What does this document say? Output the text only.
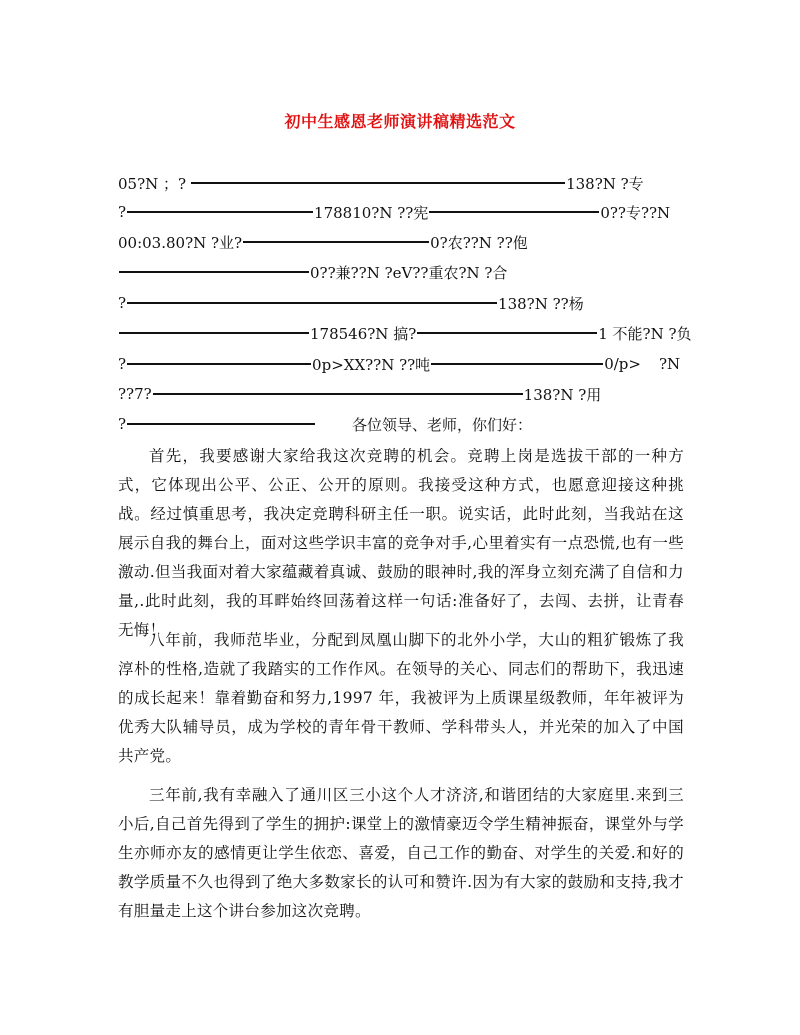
初中生感恩老师演讲稿精选范文
05?N ；?	138?N ?专
?	178810?N ??宪	0??专??N
00:03.80?N ?业?	0?农??N ??佨
0??兼??N ?eV??重农?N ?合
?	138?N ??杨
178546?N 搞?	1 不能?N ?负
?	0p>XX??N ??吨	0/p> ?N
??7?	138?N ?用
?	各位领导、老师，你们好：
首先，我要感谢大家给我这次竞聘的机会。竞聘上岗是选拔干部的一种方式，它体现出公平、公正、公开的原则。我接受这种方式，也愿意迎接这种挑战。经过慎重思考，我决定竞聘科研主任一职。说实话，此时此刻，当我站在这展示自我的舞台上，面对这些学识丰富的竞争对手,心里着实有一点恐慌,也有一些激动.但当我面对着大家蕴藏着真诚、鼓励的眼神时,我的浑身立刻充满了自信和力量,.此时此刻，我的耳畔始终回荡着这样一句话:准备好了，去闯、去拼，让青春无悔！
八年前，我师范毕业，分配到凤凰山脚下的北外小学，大山的粗犷锻炼了我淳朴的性格,造就了我踏实的工作作风。在领导的关心、同志们的帮助下，我迅速的成长起来！靠着勤奋和努力,1997 年，我被评为上质课星级教师，年年被评为优秀大队辅导员，成为学校的青年骨干教师、学科带头人，并光荣的加入了中国共产党。
三年前,我有幸融入了通川区三小这个人才济济,和谐团结的大家庭里.来到三小后,自己首先得到了学生的拥护:课堂上的激情豪迈令学生精神振奋，课堂外与学生亦师亦友的感情更让学生依恋、喜爱，自己工作的勤奋、对学生的关爱.和好的教学质量不久也得到了绝大多数家长的认可和赞许.因为有大家的鼓励和支持,我才有胆量走上这个讲台参加这次竞聘。
